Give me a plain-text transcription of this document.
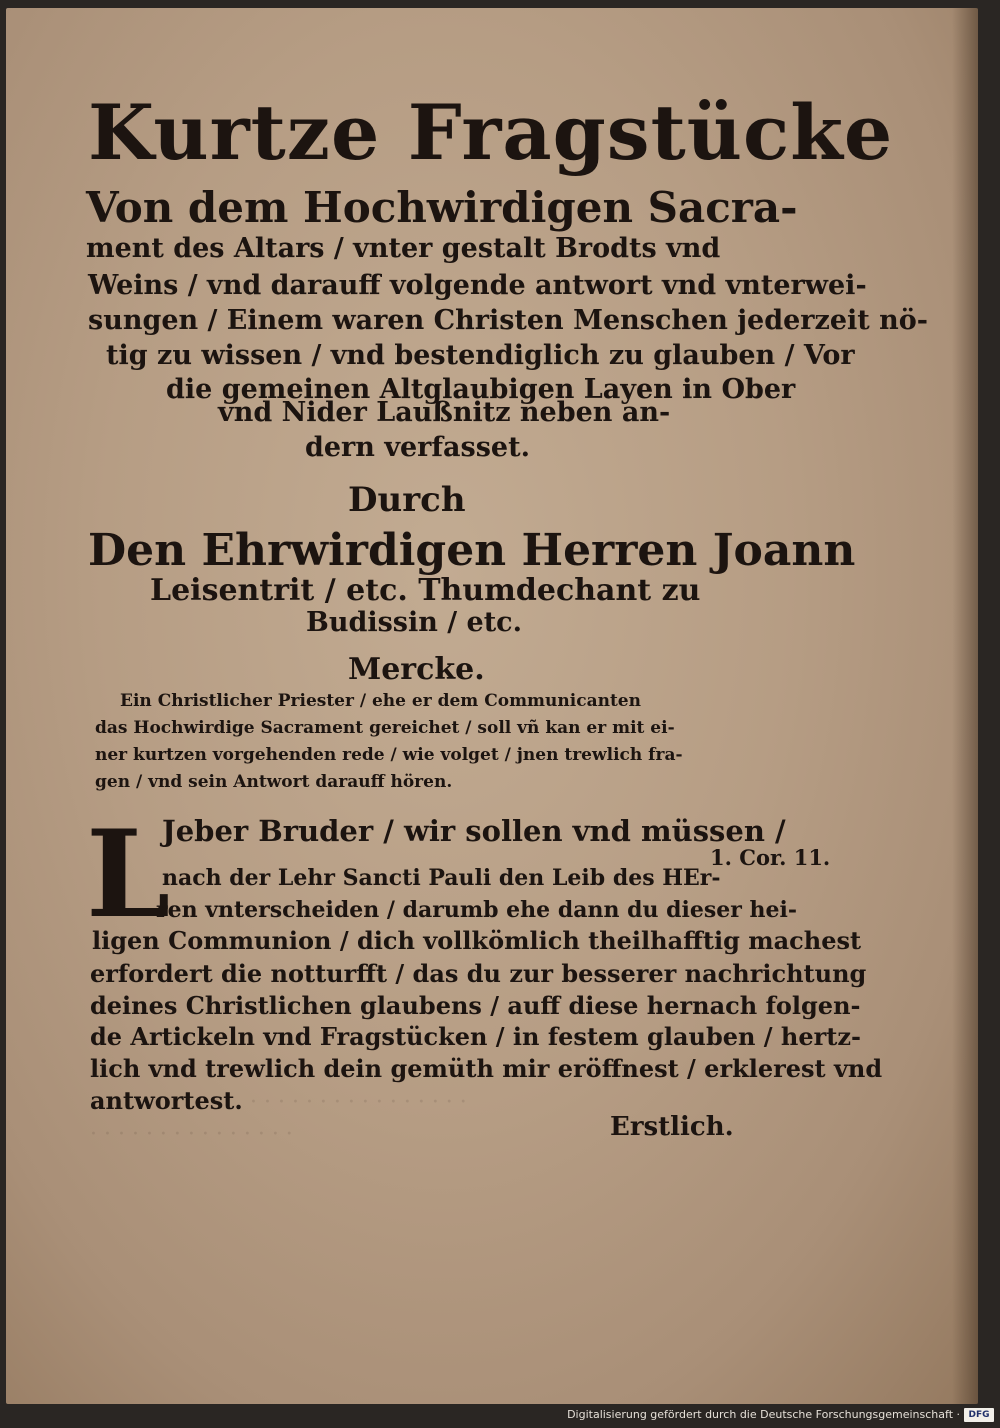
· · · · · · · · · · · · · · · ·
· · · · · · · · · · · · · · ·
Kurtze Fragstücke
Von dem Hochwirdigen Sacra-
ment des Altars / vnter gestalt Brodts vnd
Weins / vnd darauff volgende antwort vnd vnterwei-
sungen / Einem waren Christen Menschen jederzeit nö-
tig zu wissen / vnd bestendiglich zu glauben / Vor
die gemeinen Altglaubigen Layen in Ober
vnd Nider Laußnitz neben an-
dern verfasset.
Durch
Den Ehrwirdigen Herren Joann
Leisentrit / etc. Thumdechant zu
Budissin / etc.
Mercke.
Ein Christlicher Priester / ehe er dem Communicanten
das Hochwirdige Sacrament gereichet / soll vñ kan er mit ei-
ner kurtzen vorgehenden rede / wie volget / jnen trewlich fra-
gen / vnd sein Antwort darauff hören.
L
Jeber Bruder / wir sollen vnd müssen /
nach der Lehr Sancti Pauli den Leib des HEr-
ren vnterscheiden / darumb ehe dann du dieser hei-
ligen Communion / dich vollkömlich theilhafftig machest
erfordert die notturfft / das du zur besserer nachrichtung
deines Christlichen glaubens / auff diese hernach folgen-
de Artickeln vnd Fragstücken / in festem glauben / hertz-
lich vnd trewlich dein gemüth mir eröffnest / erklerest vnd
antwortest.
1. Cor. 11.
Erstlich.
Digitalisierung gefördert durch die Deutsche Forschungsgemeinschaft · DFG
